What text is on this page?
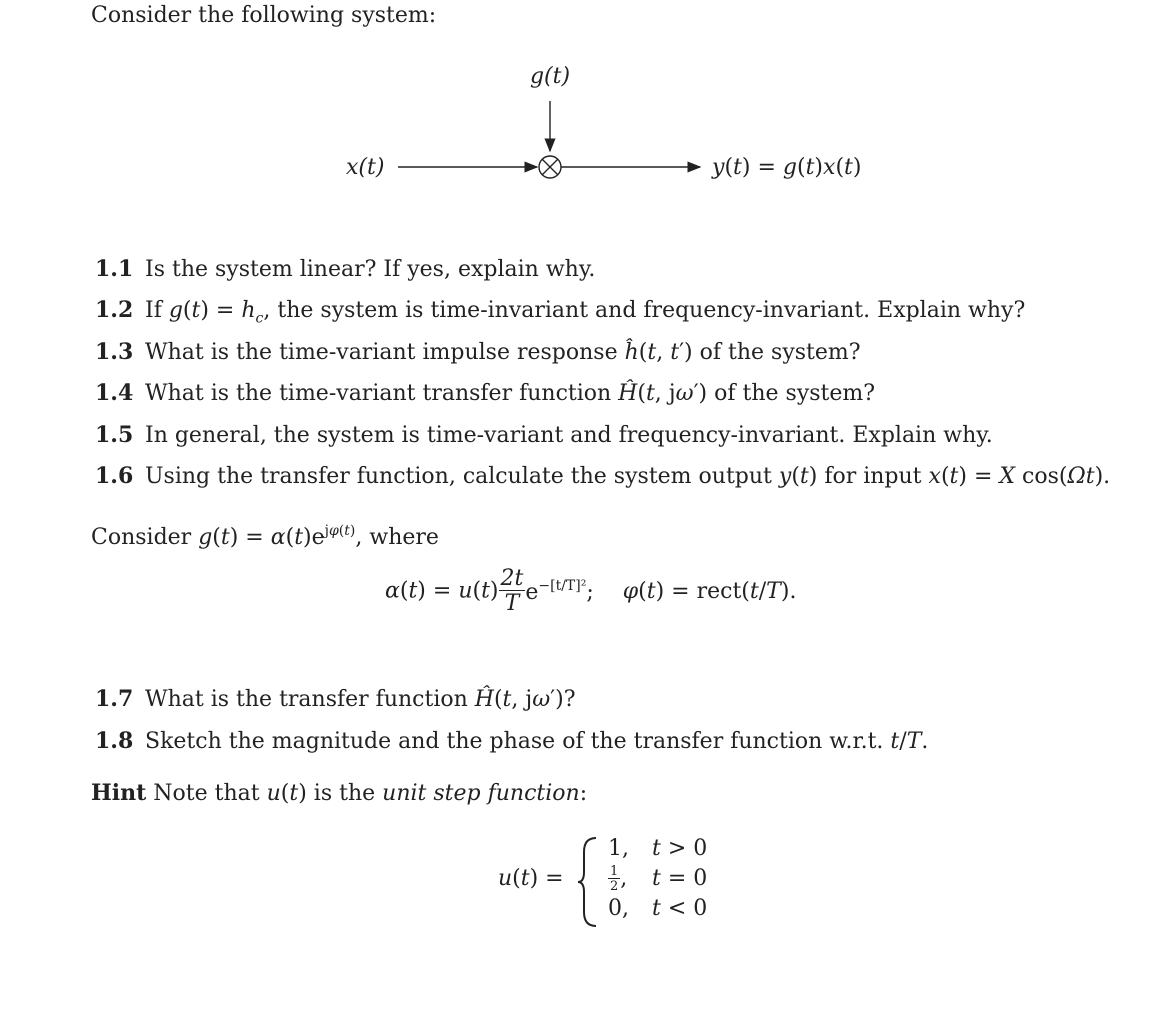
Consider the following system:
g(t)
x(t)	y(t) = g(t)x(t)
1.1 Is the system linear? If yes, explain why.
1.2 If $g(t) = h_c$, the system is time-invariant and frequency-invariant. Explain why?
1.3 What is the time-variant impulse response ĥ(t, t′) of the system?
1.4 What is the time-variant transfer function Ĥ(t, jω′) of the system?
1.5 In general, the system is time-variant and frequency-invariant. Explain why.
1.6 Using the transfer function, calculate the system output y(t) for input x(t) = X cos(Ωt).
Consider $g(t) = \alpha(t)e^{j\varphi(t)}$, where
$\alpha(t) = u(t) \frac{2t}{T} e^{-[t/T]^2}$; φ(t) = rect(t/T).
1.7 What is the transfer function Ĥ(t, jω′)?
1.8 Sketch the magnitude and the phase of the transfer function w.r.t. t/T.
Hint Note that u(t) is the unit step function:
u(t) =
1, t > 0
$\frac{1}{2}$ , t = 0
0, t < 0
